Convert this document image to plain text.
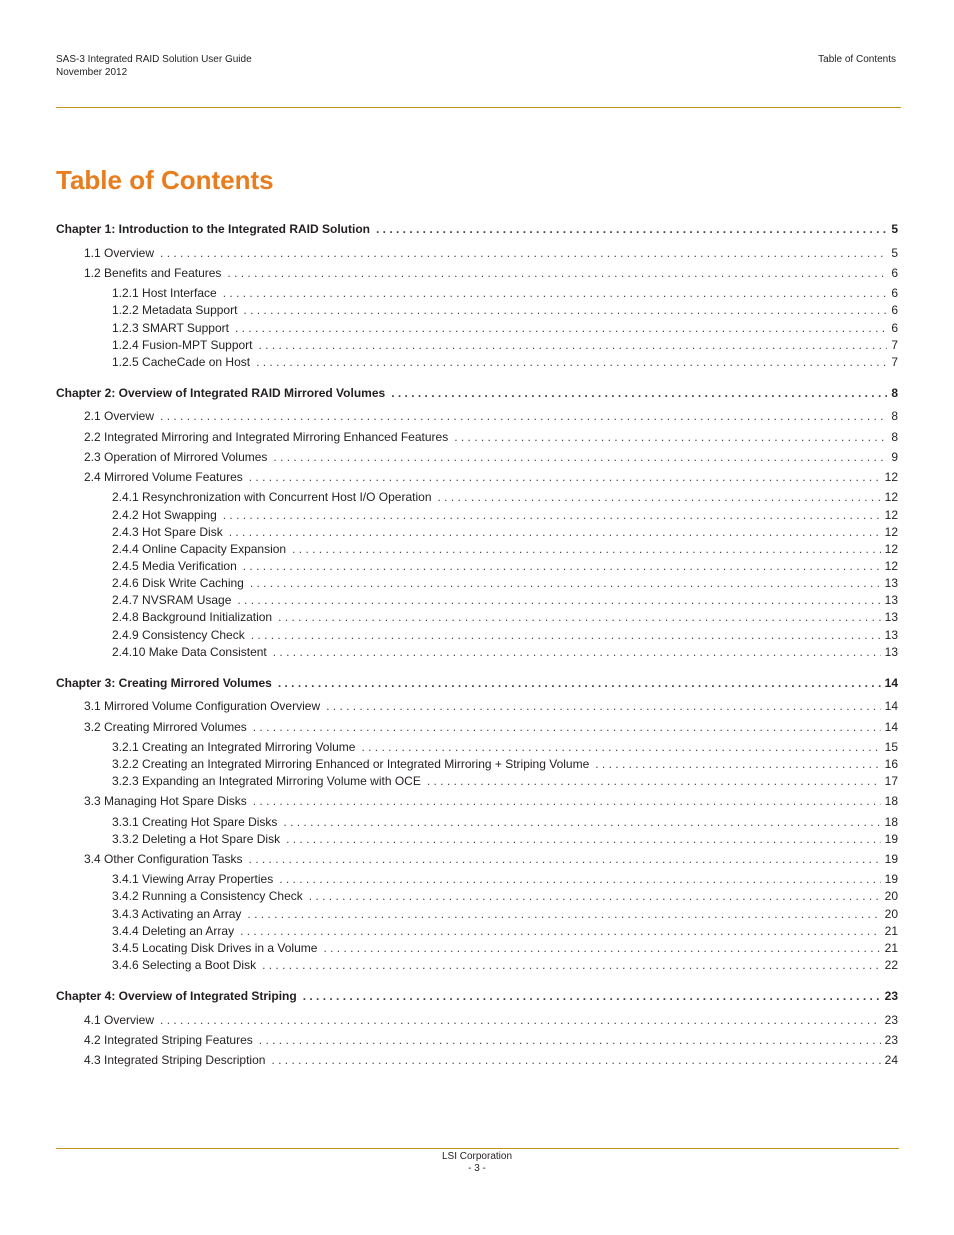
SAS-3 Integrated RAID Solution User Guide
November 2012
Table of Contents
Table of Contents
Chapter 1: Introduction to the Integrated RAID Solution . . .	5
1.1 Overview . . .	5
1.2 Benefits and Features . . .	6
1.2.1 Host Interface . . .	6
1.2.2 Metadata Support . . .	6
1.2.3 SMART Support . . .	6
1.2.4 Fusion-MPT Support . . .	7
1.2.5 CacheCade on Host . . .	7
Chapter 2: Overview of Integrated RAID Mirrored Volumes . . .	8
2.1 Overview . . .	8
2.2 Integrated Mirroring and Integrated Mirroring Enhanced Features . . .	8
2.3 Operation of Mirrored Volumes . . .	9
2.4 Mirrored Volume Features . . .	12
2.4.1 Resynchronization with Concurrent Host I/O Operation . . .	12
2.4.2 Hot Swapping . . .	12
2.4.3 Hot Spare Disk . . .	12
2.4.4 Online Capacity Expansion . . .	12
2.4.5 Media Verification . . .	12
2.4.6 Disk Write Caching . . .	13
2.4.7 NVSRAM Usage . . .	13
2.4.8 Background Initialization . . .	13
2.4.9 Consistency Check . . .	13
2.4.10 Make Data Consistent . . .	13
Chapter 3: Creating Mirrored Volumes . . .	14
3.1 Mirrored Volume Configuration Overview . . .	14
3.2 Creating Mirrored Volumes . . .	14
3.2.1 Creating an Integrated Mirroring Volume . . .	15
3.2.2 Creating an Integrated Mirroring Enhanced or Integrated Mirroring + Striping Volume . . .	16
3.2.3 Expanding an Integrated Mirroring Volume with OCE . . .	17
3.3 Managing Hot Spare Disks . . .	18
3.3.1 Creating Hot Spare Disks . . .	18
3.3.2 Deleting a Hot Spare Disk . . .	19
3.4 Other Configuration Tasks . . .	19
3.4.1 Viewing Array Properties . . .	19
3.4.2 Running a Consistency Check . . .	20
3.4.3 Activating an Array . . .	20
3.4.4 Deleting an Array . . .	21
3.4.5 Locating Disk Drives in a Volume . . .	21
3.4.6 Selecting a Boot Disk . . .	22
Chapter 4: Overview of Integrated Striping . . .	23
4.1 Overview . . .	23
4.2 Integrated Striping Features . . .	23
4.3 Integrated Striping Description . . .	24
LSI Corporation
- 3 -
